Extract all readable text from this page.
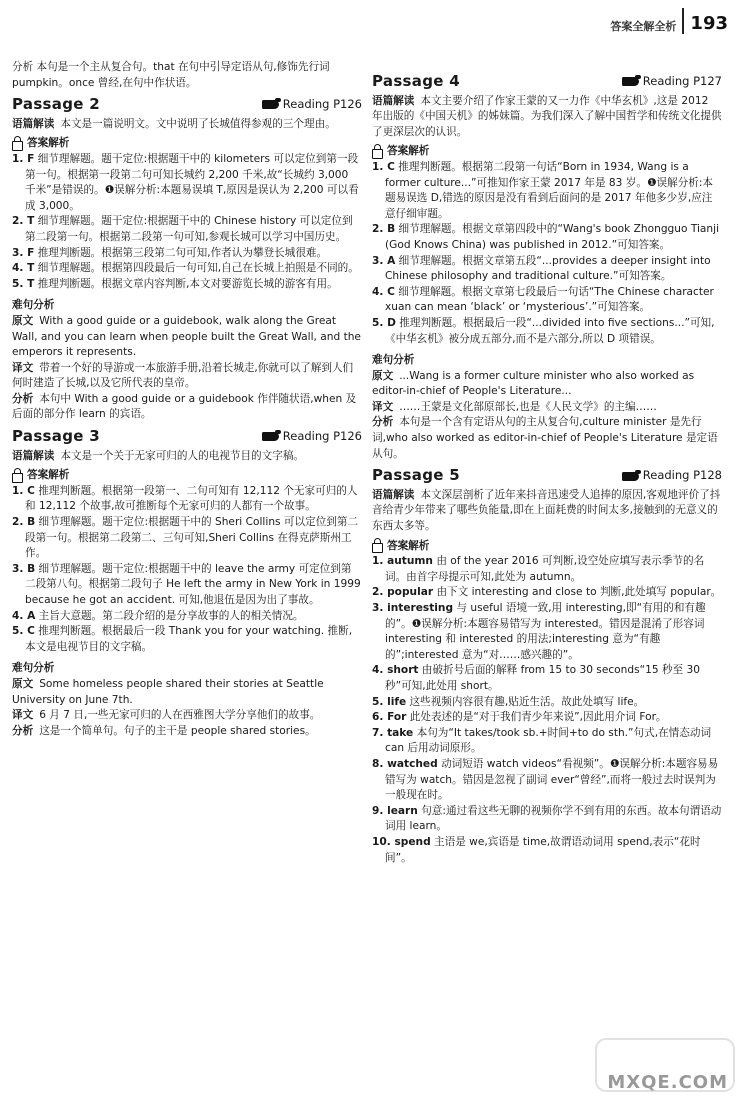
答案全解全析 193

分析 本句是一个主从复合句。that 在句中引导定语从句,修饰先行词 pumpkin。once 曾经,在句中作状语。

Passage 2	Reading P126

语篇解读 本文是一篇说明文。文中说明了长城值得参观的三个理由。

答案解析

1. F 细节理解题。题干定位:根据题干中的 kilometers 可以定位到第一段第一句。根据第一段第二句可知长城约 2,200 千米,故“长城约 3,000 千米”是错误的。❶误解分析:本题易误填 T,原因是误认为 2,200 可以看成 3,000。

2. T 细节理解题。题干定位:根据题干中的 Chinese history 可以定位到第二段第一句。根据第二段第一句可知,参观长城可以学习中国历史。

3. F 推理判断题。根据第三段第二句可知,作者认为攀登长城很难。

4. T 细节理解题。根据第四段最后一句可知,自己在长城上拍照是不同的。

5. T 推理判断题。根据文章内容判断,本文对要游览长城的游客有用。

难句分析

原文 With a good guide or a guidebook, walk along the Great Wall, and you can learn when people built the Great Wall, and the emperors it represents.

译文 带着一个好的导游或一本旅游手册,沿着长城走,你就可以了解到人们何时建造了长城,以及它所代表的皇帝。

分析 本句中 With a good guide or a guidebook 作伴随状语,when 及后面的部分作 learn 的宾语。

Passage 3	Reading P126

语篇解读 本文是一个关于无家可归的人的电视节目的文字稿。

答案解析

1. C 推理判断题。根据第一段第一、二句可知有 12,112 个无家可归的人和 12,112 个故事,故可推断每个无家可归的人都有一个故事。

2. B 细节理解题。题干定位:根据题干中的 Sheri Collins 可以定位到第二段第一句。根据第二段第二、三句可知,Sheri Collins 在得克萨斯州工作。

3. B 细节理解题。题干定位:根据题干中的 leave the army 可定位到第二段第八句。根据第二段句子 He left the army in New York in 1999 because he got an accident. 可知,他退伍是因为出了事故。

4. A 主旨大意题。第二段介绍的是分享故事的人的相关情况。

5. C 推理判断题。根据最后一段 Thank you for your watching. 推断,本文是电视节目的文字稿。

难句分析

原文 Some homeless people shared their stories at Seattle University on June 7th.

译文 6 月 7 日,一些无家可归的人在西雅图大学分享他们的故事。

分析 这是一个简单句。句子的主干是 people shared stories。

Passage 4	Reading P127

语篇解读 本文主要介绍了作家王蒙的又一力作《中华玄机》,这是 2012 年出版的《中国天机》的姊妹篇。为我们深入了解中国哲学和传统文化提供了更深层次的认识。

答案解析

1. C 推理判断题。根据第二段第一句话“Born in 1934, Wang is a former culture...”可推知作家王蒙 2017 年是 83 岁。❶误解分析:本题易误选 D,错选的原因是没有看到后面问的是 2017 年他多少岁,应注意仔细审题。

2. B 细节理解题。根据文章第四段中的“Wang's book Zhongguo Tianji (God Knows China) was published in 2012.”可知答案。

3. A 细节理解题。根据文章第五段“...provides a deeper insight into Chinese philosophy and traditional culture.”可知答案。

4. C 细节理解题。根据文章第七段最后一句话“The Chinese character xuan can mean ‘black’ or ‘mysterious’.”可知答案。

5. D 推理判断题。根据最后一段“...divided into five sections...”可知,《中华玄机》被分成五部分,而不是六部分,所以 D 项错误。

难句分析

原文 ...Wang is a former culture minister who also worked as editor-in-chief of People's Literature...

译文 ……王蒙是文化部原部长,也是《人民文学》的主编……

分析 本句是一个含有定语从句的主从复合句,culture minister 是先行词,who also worked as editor-in-chief of People's Literature 是定语从句。

Passage 5	Reading P128

语篇解读 本文深层剖析了近年来抖音迅速受人追捧的原因,客观地评价了抖音给青少年带来了哪些负能量,即在上面耗费的时间太多,接触到的无意义的东西太多等。

答案解析

1. autumn 由 of the year 2016 可判断,设空处应填写表示季节的名词。由首字母提示可知,此处为 autumn。

2. popular 由下文 interesting and close to 判断,此处填写 popular。

3. interesting 与 useful 语境一致,用 interesting,即“有用的和有趣的”。❶误解分析:本题容易错写为 interested。错因是混淆了形容词 interesting 和 interested 的用法;interesting 意为“有趣的”;interested 意为“对……感兴趣的”。

4. short 由破折号后面的解释 from 15 to 30 seconds“15 秒至 30 秒”可知,此处用 short。

5. life 这些视频内容很有趣,贴近生活。故此处填写 life。

6. For 此处表述的是“对于我们青少年来说”,因此用介词 For。

7. take 本句为“It takes/took sb.+时间+to do sth.”句式,在情态动词 can 后用动词原形。

8. watched 动词短语 watch videos“看视频”。❶误解分析:本题容易易错写为 watch。错因是忽视了副词 ever“曾经”,而将一般过去时误判为一般现在时。

9. learn 句意:通过看这些无聊的视频你学不到有用的东西。故本句谓语动词用 learn。

10. spend 主语是 we,宾语是 time,故谓语动词用 spend,表示“花时间”。

MXQE.COM
